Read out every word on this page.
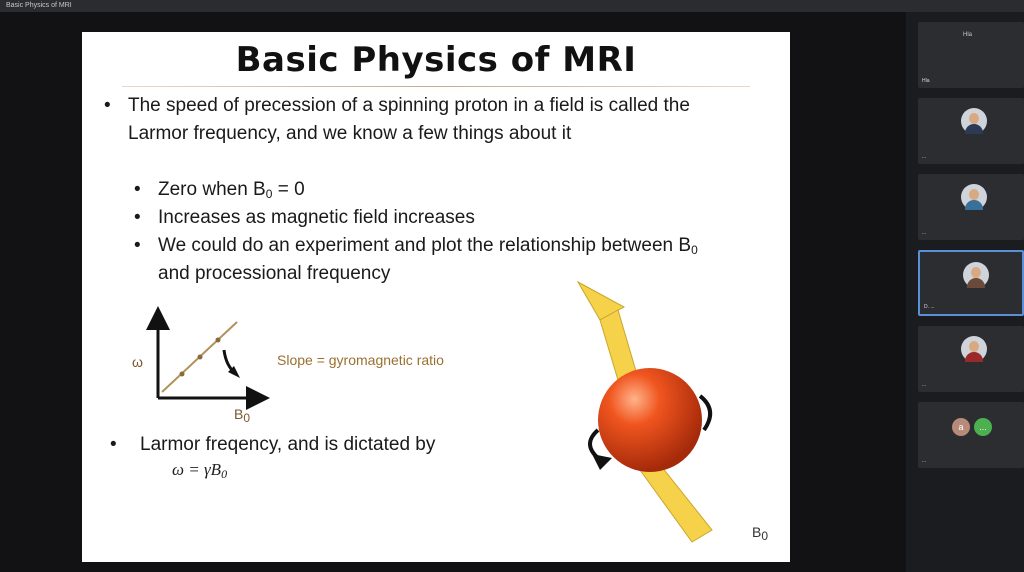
Basic Physics of MRI
Basic Physics of MRI
• The speed of precession of a spinning proton in a field is called the Larmor frequency, and we know a few things about it
• Zero when $B_0 = 0$
• Increases as magnetic field increases
• We could do an experiment and plot the relationship between $B_0$ and processional frequency
ω
$B_0$
Slope = gyromagnetic ratio
• Larmor freqency, and is dictated by
$\omega = \gamma B_0$
$B_0$
Hla
Hla
...
...
D. ...
...
a	...
...
